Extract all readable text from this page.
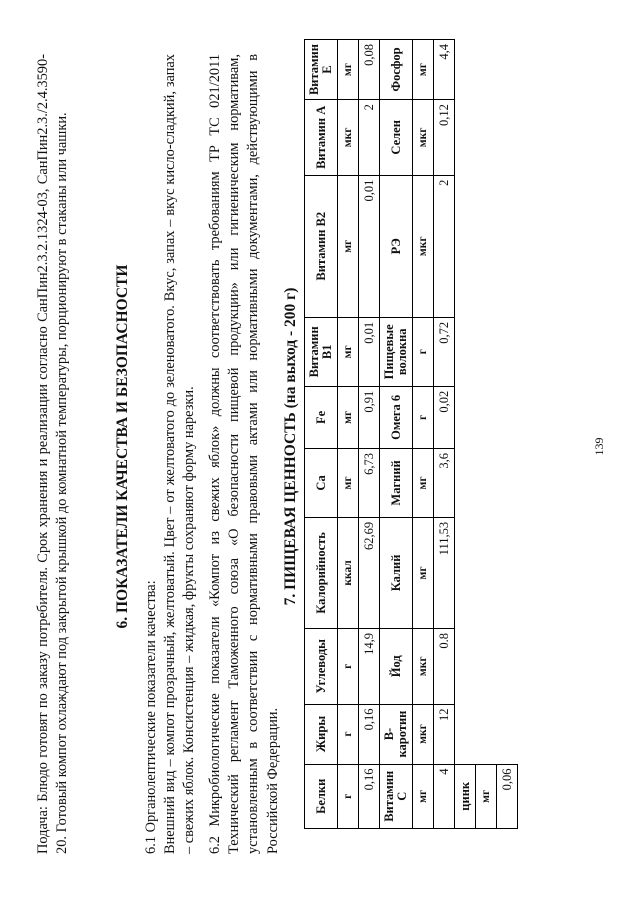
Подача: Блюдо готовят по заказу потребителя. Срок хранения и реализации согласно СанПин2.3.2.1324-03, СанПин2.3./2.4.3590-20. Готовый компот охлаждают под закрытой крышкой до комнатной температуры, порционируют в стаканы или чашки.	6. ПОКАЗАТЕЛИ КАЧЕСТВА И БЕЗОПАСНОСТИ
6.1 Органолептические показатели качества: Внешний вид – компот прозрачный, желтоватый. Цвет – от желтоватого до зеленоватого. Вкус, запах – вкус кисло-сладкий, запах – свежих яблок. Консистенция – жидкая, фрукты сохраняют форму нарезки. 6.2 Микробиологические показатели «Компот из свежих яблок» должны соответствовать требованиям ТР ТС 021/2011 Технический регламент Таможенного союза «О безопасности пищевой продукции» или гигиеническим нормативам, установленным в соответствии с нормативными правовыми актами или нормативными документами, действующими в Российской Федерации.
7. ПИЩЕВАЯ ЦЕННОСТЬ (на выход - 200 г)
Белки	Жиры	Углеводы	Калорийность	Ca	Fe	Витамин B1	Витамин B2	Витамин A	Витамин E
г	г	г	ккал	мг	мг	мг	мг	мкг	мг
0,16	0,16	14,9	62,69	6,73	0,91	0,01	0,01	2	0,08
Витамин C	B-каротин	Йод	Калий	Магний	Омега 6	Пищевые волокна	РЭ	Селен	Фосфор
мг	мкг	мкг	мг	мг	г	г	мкг	мкг	мг
4	12	0.8	111,53	3,6	0,02	0,72	2	0,12	4,4
цинк									
мг									
0,06									
139
